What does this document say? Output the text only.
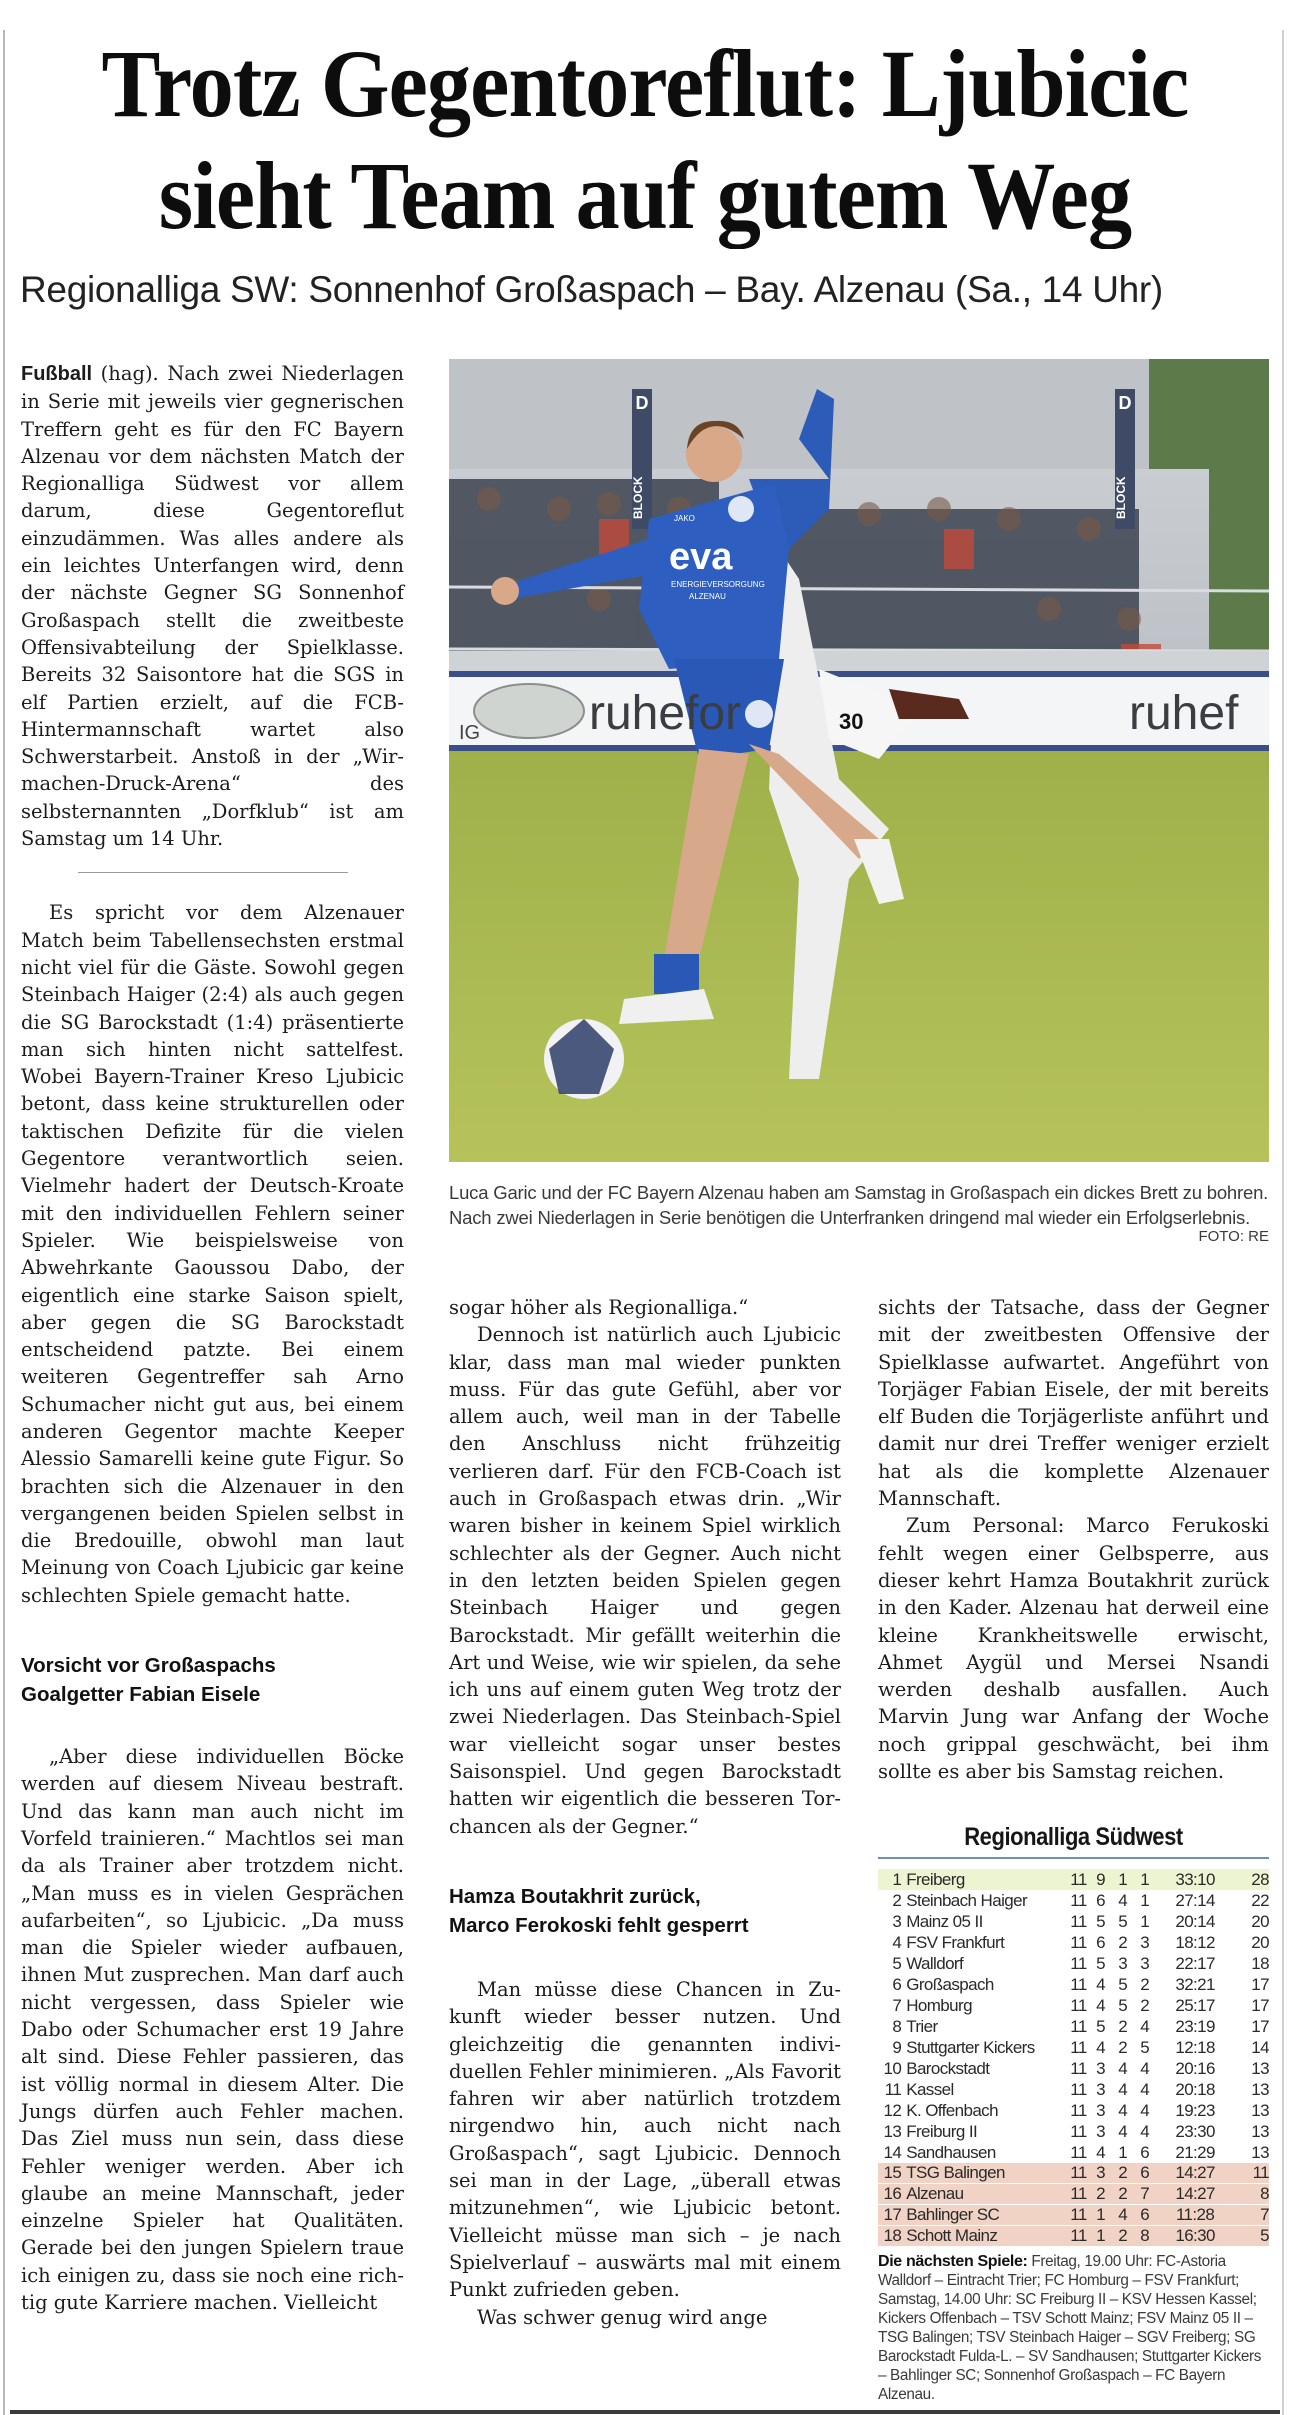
Trotz Gegentoreflut: Ljubicic
sieht Team auf gutem Weg
Regionalliga SW: Sonnenhof Großaspach – Bay. Alzenau (Sa., 14 Uhr)

Fußball (hag). Nach zwei Niederlagen in Serie mit jeweils vier gegnerischen Treffern geht es für den FC Bayern Alzenau vor dem nächsten Match der Regionalliga Südwest vor allem darum, diese Gegentoreflut einzudämmen. Was alles andere als ein leichtes Unterfangen wird, denn der nächste Gegner SG Sonnenhof Großaspach stellt die zweitbeste Offensivabteilung der Spielklasse. Bereits 32 Saisontore hat die SGS in elf Partien erzielt, auf die FCB-Hintermannschaft wartet also Schwerstarbeit. Anstoß in der „Wir-machen-Druck-Arena“ des selbsternannten „Dorfklub“ ist am Samstag um 14 Uhr.

Es spricht vor dem Alzenauer Match beim Tabellensechsten erstmal nicht viel für die Gäste. Sowohl gegen Steinbach Haiger (2:4) als auch gegen die SG Barockstadt (1:4) präsentierte man sich hinten nicht sattelfest. Wobei Bayern-Trainer Kreso Ljubicic betont, dass keine strukturellen oder taktischen Defizite für die vielen Gegentore verantwortlich seien. Vielmehr hadert der Deutsch-Kroate mit den individuellen Fehlern seiner Spieler. Wie beispielsweise von Abwehrkante Gaoussou Dabo, der eigentlich eine starke Saison spielt, aber gegen die SG Barockstadt entscheidend patzte. Bei einem weiteren Gegentreffer sah Arno Schumacher nicht gut aus, bei einem anderen Gegentor machte Keeper Alessio Samarelli keine gute Figur. So brachten sich die Alzenauer in den vergangenen beiden Spielen selbst in die Bredouille, obwohl man laut Meinung von Coach Ljubicic gar keine schlechten Spiele gemacht hatte.

Vorsicht vor Großaspachs
Goalgetter Fabian Eisele

„Aber diese individuellen Böcke werden auf diesem Niveau bestraft. Und das kann man auch nicht im Vorfeld trainieren.“ Machtlos sei man da als Trainer aber trotzdem nicht. „Man muss es in vielen Gesprächen aufarbeiten“, so Ljubicic. „Da muss man die Spieler wieder aufbauen, ihnen Mut zusprechen. Man darf auch nicht vergessen, dass Spieler wie Dabo oder Schumacher erst 19 Jahre alt sind. Diese Fehler passieren, das ist völlig normal in diesem Alter. Die Jungs dürfen auch Fehler machen. Das Ziel muss nun sein, dass diese Fehler weniger werden. Aber ich glaube an meine Mannschaft, jeder einzelne Spieler hat Qualitäten. Gerade bei den jungen Spielern traue ich einigen zu, dass sie noch eine richtig gute Karriere machen. Vielleicht

D
BLOCK
D
BLOCK
IG	ruhef
30
eva
ENERGIEVERSORGUNG
ALZENAU
JAKO
ruhefor
Luca Garic und der FC Bayern Alzenau haben am Samstag in Großaspach ein dickes Brett zu bohren. Nach zwei Niederlagen in Serie benötigen die Unterfranken dringend mal wieder ein Erfolgserlebnis.
FOTO: RE

sogar höher als Regionalliga.“

Dennoch ist natürlich auch Ljubicic klar, dass man mal wieder punkten muss. Für das gute Gefühl, aber vor allem auch, weil man in der Tabelle den Anschluss nicht frühzeitig verlieren darf. Für den FCB-Coach ist auch in Großaspach etwas drin. „Wir waren bisher in keinem Spiel wirklich schlechter als der Gegner. Auch nicht in den letzten beiden Spielen gegen Steinbach Haiger und gegen Barockstadt. Mir gefällt weiterhin die Art und Weise, wie wir spielen, da sehe ich uns auf einem guten Weg trotz der zwei Niederlagen. Das Steinbach-Spiel war vielleicht sogar unser bestes Saisonspiel. Und gegen Barockstadt hatten wir eigentlich die besseren Torchancen als der Gegner.“

Hamza Boutakhrit zurück,
Marco Ferokoski fehlt gesperrt

Man müsse diese Chancen in Zukunft wieder besser nutzen. Und gleichzeitig die genannten individuellen Fehler minimieren. „Als Favorit fahren wir aber natürlich trotzdem nirgendwo hin, auch nicht nach Großaspach“, sagt Ljubicic. Dennoch sei man in der Lage, „überall etwas mitzunehmen“, wie Ljubicic betont. Vielleicht müsse man sich – je nach Spielverlauf – auswärts mal mit einem Punkt zufrieden geben.

Was schwer genug wird ange

sichts der Tatsache, dass der Gegner mit der zweitbesten Offensive der Spielklasse aufwartet. Angeführt von Torjäger Fabian Eisele, der mit bereits elf Buden die Torjägerliste anführt und damit nur drei Treffer weniger erzielt hat als die komplette Alzenauer Mannschaft.

Zum Personal: Marco Ferukoski fehlt wegen einer Gelbsperre, aus dieser kehrt Hamza Boutakhrit zurück in den Kader. Alzenau hat derweil eine kleine Krankheitswelle erwischt, Ahmet Aygül und Mersei Nsandi werden deshalb ausfallen. Auch Marvin Jung war Anfang der Woche noch grippal geschwächt, bei ihm sollte es aber bis Samstag reichen.

Regionalliga Südwest
1 Freiberg	11 9 1 1	33:10	28
2 Steinbach Haiger	11 6 4 1	27:14	22
3 Mainz 05 II	11 5 5 1	20:14	20
4 FSV Frankfurt	11 6 2 3	18:12	20
5 Walldorf	11 5 3 3	22:17	18
6 Großaspach	11 4 5 2	32:21	17
7 Homburg	11 4 5 2	25:17	17
8 Trier	11 5 2 4	23:19	17
9 Stuttgarter Kickers	11 4 2 5	12:18	14
10 Barockstadt	11 3 4 4	20:16	13
11 Kassel	11 3 4 4	20:18	13
12 K. Offenbach	11 3 4 4	19:23	13
13 Freiburg II	11 3 4 4	23:30	13
14 Sandhausen	11 4 1 6	21:29	13
15 TSG Balingen	11 3 2 6	14:27	11
16 Alzenau	11 2 2 7	14:27	8
17 Bahlinger SC	11 1 4 6	11:28	7
18 Schott Mainz	11 1 2 8	16:30	5
Die nächsten Spiele: Freitag, 19.00 Uhr: FC-Astoria Walldorf – Eintracht Trier; FC Homburg – FSV Frankfurt; Samstag, 14.00 Uhr: SC Freiburg II – KSV Hessen Kassel; Kickers Offenbach – TSV Schott Mainz; FSV Mainz 05 II – TSG Balingen; TSV Steinbach Haiger – SGV Freiberg; SG Barockstadt Fulda-L. – SV Sandhausen; Stuttgarter Kickers – Bahlinger SC; Sonnenhof Großaspach – FC Bayern Alzenau.
